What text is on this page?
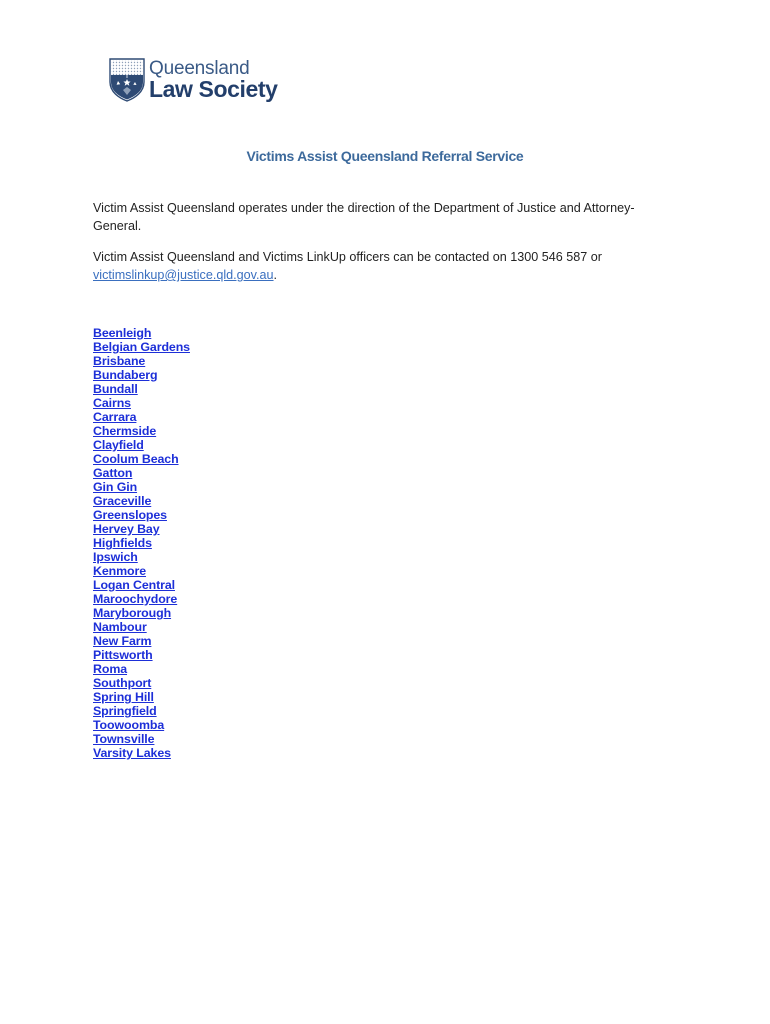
Queensland
Law Society
Victims Assist Queensland Referral Service

Victim Assist Queensland operates under the direction of the Department of Justice and Attorney-General.

Victim Assist Queensland and Victims LinkUp officers can be contacted on 1300 546 587 or
victimslinkup@justice.qld.gov.au.

Beenleigh
Belgian Gardens
Brisbane
Bundaberg
Bundall
Cairns
Carrara
Chermside
Clayfield
Coolum Beach
Gatton
Gin Gin
Graceville
Greenslopes
Hervey Bay
Highfields
Ipswich
Kenmore
Logan Central
Maroochydore
Maryborough
Nambour
New Farm
Pittsworth
Roma
Southport
Spring Hill
Springfield
Toowoomba
Townsville
Varsity Lakes
